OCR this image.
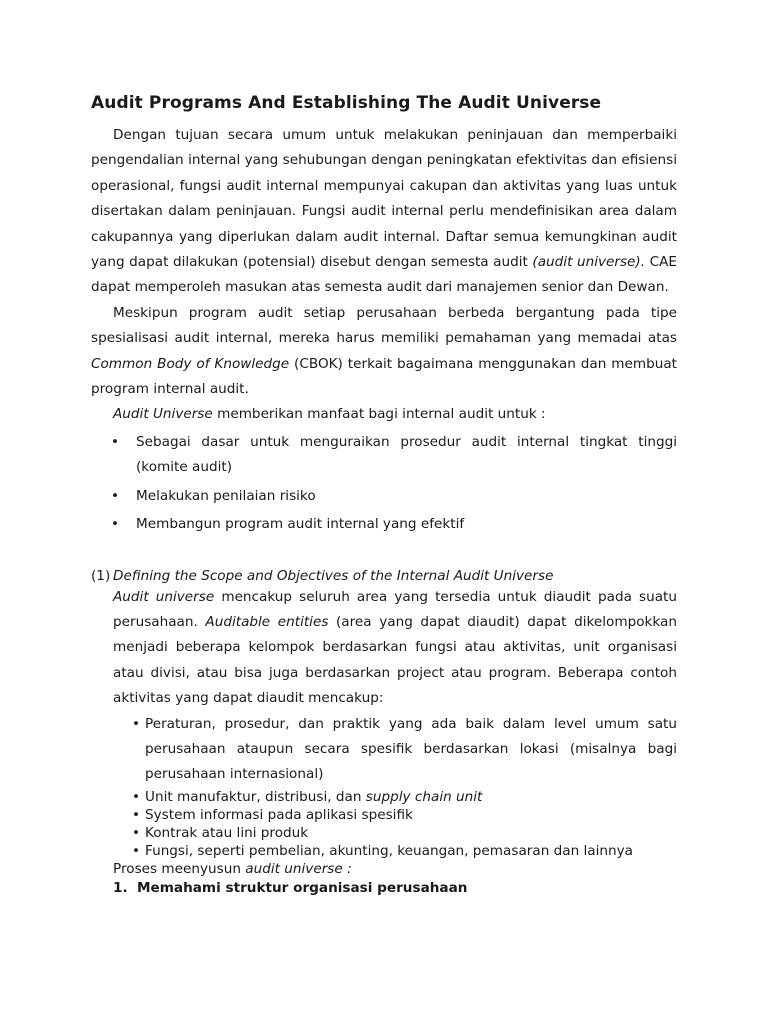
Audit Programs And Establishing The Audit Universe

Dengan tujuan secara umum untuk melakukan peninjauan dan memperbaiki pengendalian internal yang sehubungan dengan peningkatan efektivitas dan efisiensi operasional, fungsi audit internal mempunyai cakupan dan aktivitas yang luas untuk disertakan dalam peninjauan. Fungsi audit internal perlu mendefinisikan area dalam cakupannya yang diperlukan dalam audit internal. Daftar semua kemungkinan audit yang dapat dilakukan (potensial) disebut dengan semesta audit (audit universe). CAE dapat memperoleh masukan atas semesta audit dari manajemen senior dan Dewan.

Meskipun program audit setiap perusahaan berbeda bergantung pada tipe spesialisasi audit internal, mereka harus memiliki pemahaman yang memadai atas Common Body of Knowledge (CBOK) terkait bagaimana menggunakan dan membuat program internal audit.

Audit Universe memberikan manfaat bagi internal audit untuk :

• Sebagai dasar untuk menguraikan prosedur audit internal tingkat tinggi (komite audit)
• Melakukan penilaian risiko
• Membangun program audit internal yang efektif
(1) Defining the Scope and Objectives of the Internal Audit Universe

Audit universe mencakup seluruh area yang tersedia untuk diaudit pada suatu perusahaan. Auditable entities (area yang dapat diaudit) dapat dikelompokkan menjadi beberapa kelompok berdasarkan fungsi atau aktivitas, unit organisasi atau divisi, atau bisa juga berdasarkan project atau program. Beberapa contoh aktivitas yang dapat diaudit mencakup:

• Peraturan, prosedur, dan praktik yang ada baik dalam level umum satu perusahaan ataupun secara spesifik berdasarkan lokasi (misalnya bagi perusahaan internasional)
• Unit manufaktur, distribusi, dan supply chain unit
• System informasi pada aplikasi spesifik
• Kontrak atau lini produk
• Fungsi, seperti pembelian, akunting, keuangan, pemasaran dan lainnya

Proses meenyusun audit universe :

1. Memahami struktur organisasi perusahaan
